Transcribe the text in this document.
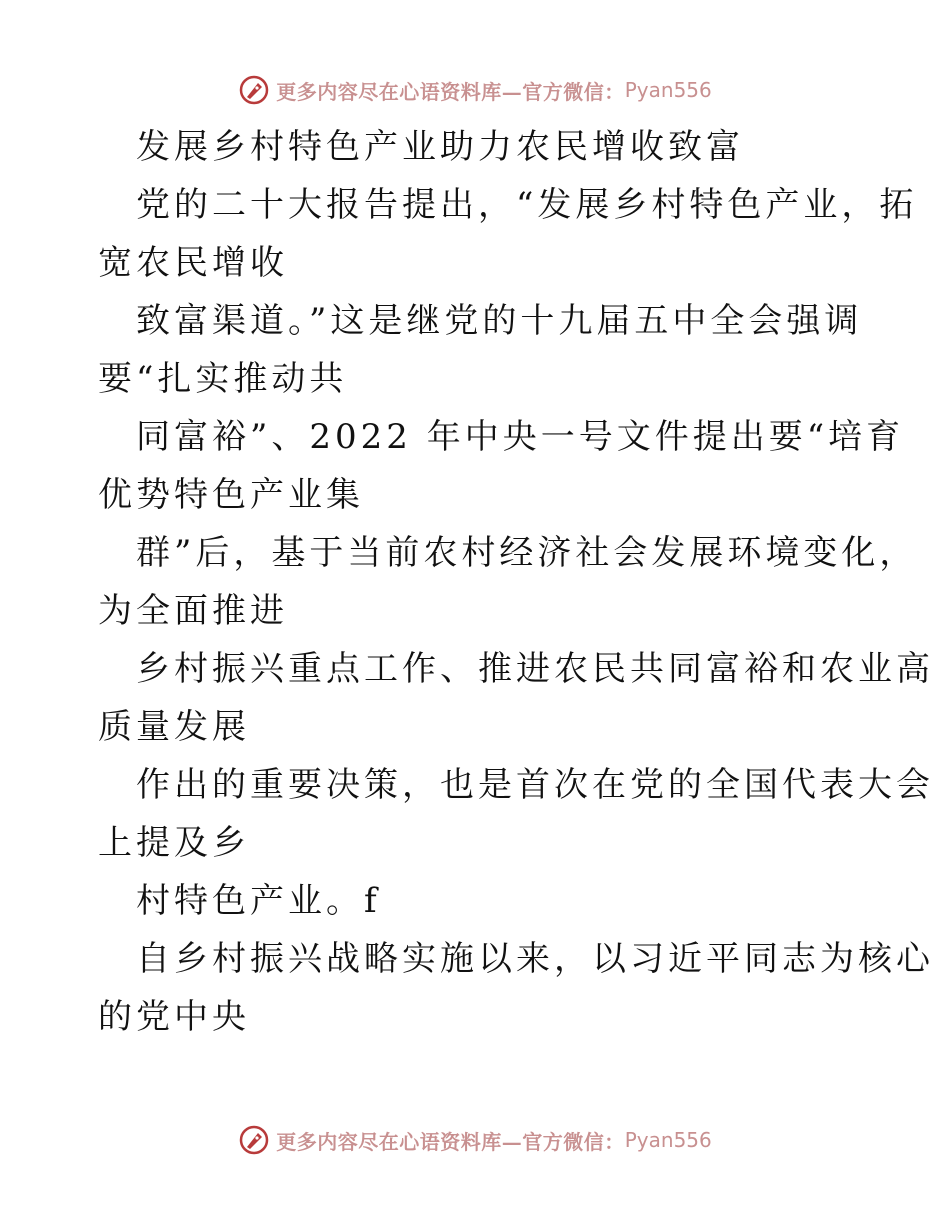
更多内容尽在心语资料库—官方微信： Pyan556

发展乡村特色产业助力农民增收致富

党的二十大报告提出，“发展乡村特色产业，拓
宽农民增收

致富渠道。”这是继党的十九届五中全会强调
要“扎实推动共

同富裕”、2022 年中央一号文件提出要“培育
优势特色产业集

群”后，基于当前农村经济社会发展环境变化，
为全面推进

乡村振兴重点工作、推进农民共同富裕和农业高
质量发展

作出的重要决策，也是首次在党的全国代表大会
上提及乡

村特色产业。f

自乡村振兴战略实施以来，以习近平同志为核心
的党中央

更多内容尽在心语资料库—官方微信： Pyan556
